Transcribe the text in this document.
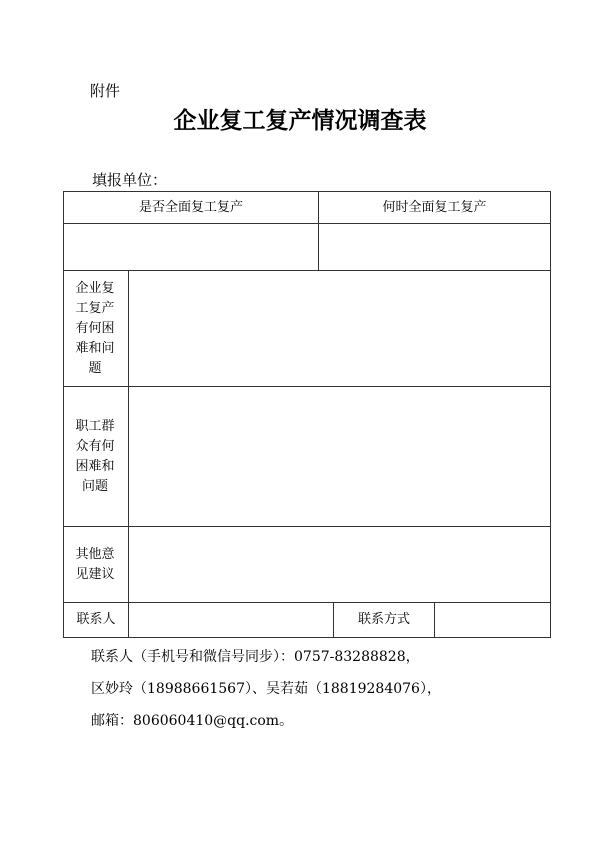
附件
企业复工复产情况调查表
填报单位：
是否全面复工复产	何时全面复工复产
企业复工复产有何困难和问题
职工群众有何困难和问题
其他意见建议
联系人	联系方式
联系人（手机号和微信号同步）：0757-83288828，
区妙玲（18988661567）、吴若茹（18819284076），
邮箱：806060410@qq.com。
